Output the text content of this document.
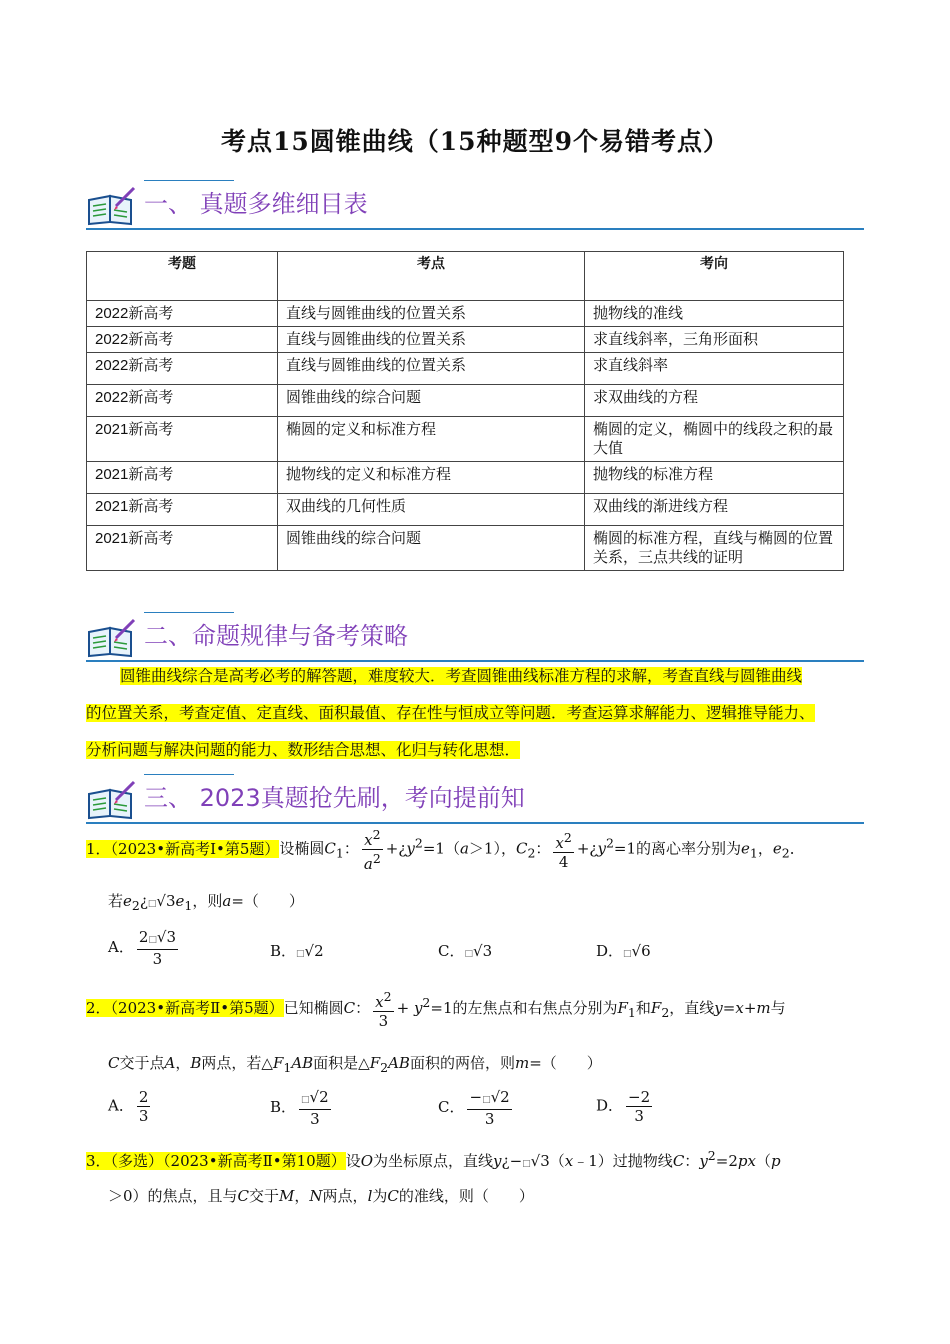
考点15圆锥曲线（15种题型9个易错考点）
一、 真题多维细目表
考题	考点	考向
2022新高考	直线与圆锥曲线的位置关系	抛物线的准线
2022新高考	直线与圆锥曲线的位置关系	求直线斜率，三角形面积
2022新高考	直线与圆锥曲线的位置关系	求直线斜率
2022新高考	圆锥曲线的综合问题	求双曲线的方程
2021新高考	椭圆的定义和标准方程	椭圆的定义，椭圆中的线段之积的最大值
2021新高考	抛物线的定义和标准方程	抛物线的标准方程
2021新高考	双曲线的几何性质	双曲线的渐进线方程
2021新高考	圆锥曲线的综合问题	椭圆的标准方程，直线与椭圆的位置关系，三点共线的证明
二、命题规律与备考策略
圆锥曲线综合是高考必考的解答题，难度较大．考查圆锥曲线标准方程的求解，考查直线与圆锥曲线
的位置关系，考查定值、定直线、面积最值、存在性与恒成立等问题．考查运算求解能力、逻辑推导能力、
分析问题与解决问题的能力、数形结合思想、化归与转化思想．
三、 2023真题抢先刷，考向提前知
1．（2023•新高考Ⅰ•第5题）设椭圆$C_1$： $\frac{x^2}{a^2}$ $+¿y^2=1(a>1)$，$C_2$： $\frac{x^2}{4}$ $+¿y^2=1$的离心率分别为$e_1$，$e_2$．
若$e_2¿□√3e_1$，则a=（　　）
A． $\frac{2□√3}{3}$	B．□√2	C．□√3	D．□√6
2．（2023•新高考Ⅱ•第5题）已知椭圆C： $\frac{x^2}{3} + y^2=1$的左焦点和右焦点分别为$F_1$和$F_2$，直线y=x+m与
C交于点A，B两点，若$\triangle F_1AB$面积是$\triangle F_2AB$面积的两倍，则m=（　　）
A． $\frac{2}{3}$	B． $\frac{□√2}{3}$	C． $\frac{-□√2}{3}$	D． $\frac{-2}{3}$
3．（多选）（2023•新高考Ⅱ•第10题）设O为坐标原点，直线y¿−□√3（x﹣1）过抛物线C：$y^2=2px(p$
＞0）的焦点，且与C交于M，N两点，l为C的准线，则（　　）
